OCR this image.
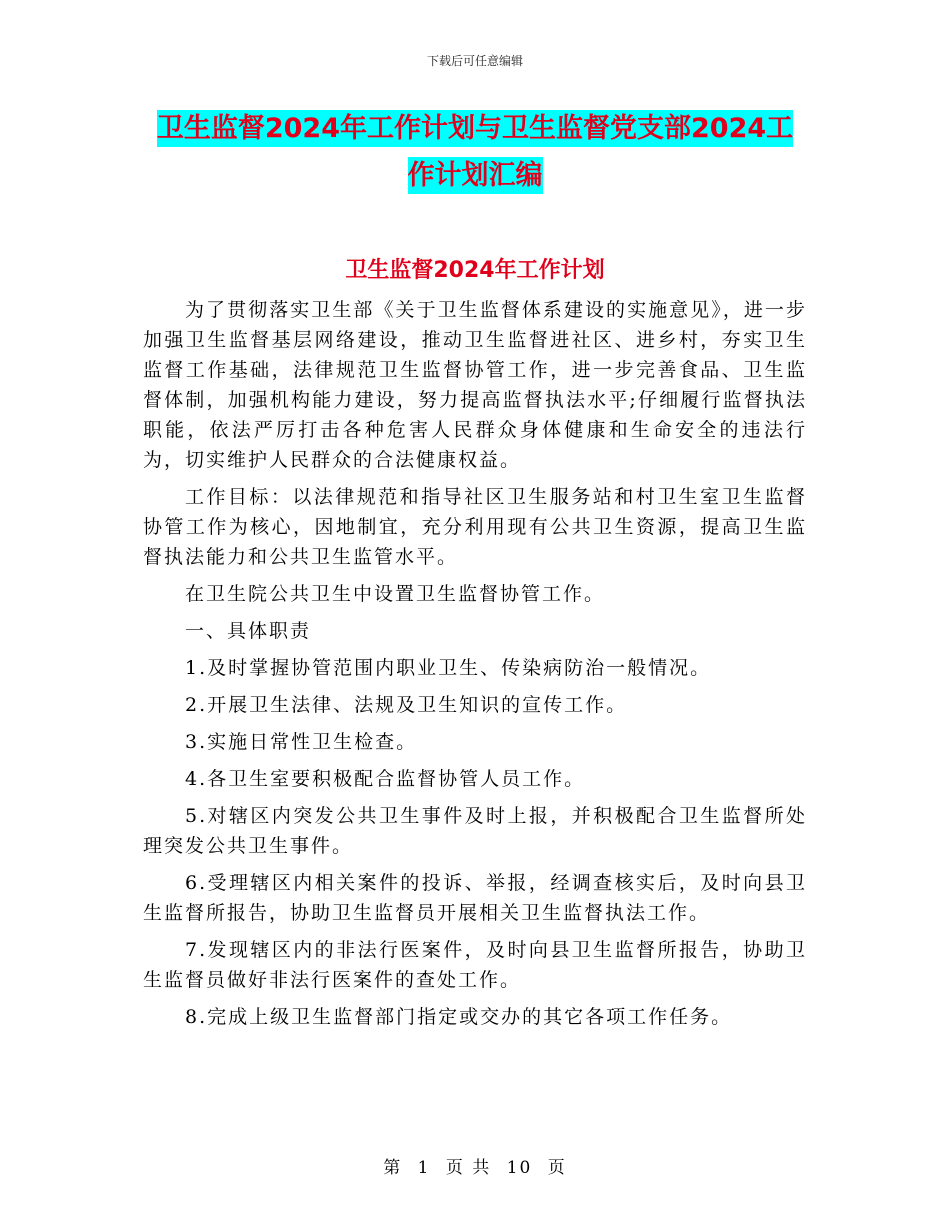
下载后可任意编辑
卫生监督2024年工作计划与卫生监督党支部2024工
作计划汇编
卫生监督2024年工作计划

为了贯彻落实卫生部《关于卫生监督体系建设的实施意见》，进一步加强卫生监督基层网络建设，推动卫生监督进社区、进乡村，夯实卫生监督工作基础，法律规范卫生监督协管工作，进一步完善食品、卫生监督体制，加强机构能力建设，努力提高监督执法水平;仔细履行监督执法职能，依法严厉打击各种危害人民群众身体健康和生命安全的违法行为，切实维护人民群众的合法健康权益。

工作目标：以法律规范和指导社区卫生服务站和村卫生室卫生监督协管工作为核心，因地制宜，充分利用现有公共卫生资源，提高卫生监督执法能力和公共卫生监管水平。

在卫生院公共卫生中设置卫生监督协管工作。

一、具体职责

1.及时掌握协管范围内职业卫生、传染病防治一般情况。

2.开展卫生法律、法规及卫生知识的宣传工作。

3.实施日常性卫生检查。

4.各卫生室要积极配合监督协管人员工作。

5.对辖区内突发公共卫生事件及时上报，并积极配合卫生监督所处理突发公共卫生事件。

6.受理辖区内相关案件的投诉、举报，经调查核实后，及时向县卫生监督所报告，协助卫生监督员开展相关卫生监督执法工作。

7.发现辖区内的非法行医案件，及时向县卫生监督所报告，协助卫生监督员做好非法行医案件的查处工作。

8.完成上级卫生监督部门指定或交办的其它各项工作任务。

第 1 页 共 10 页
